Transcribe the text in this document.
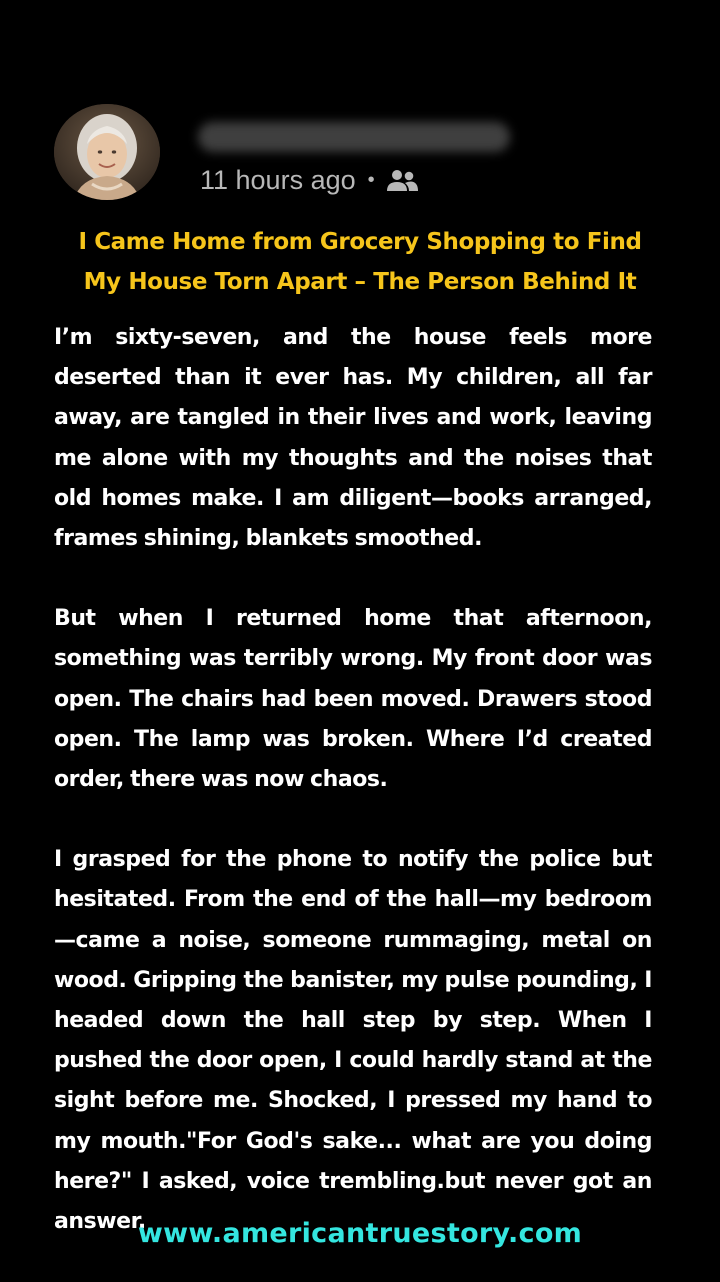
11 hours ago •
I Came Home from Grocery Shopping to Find
My House Torn Apart – The Person Behind It

I’m sixty-seven, and the house feels more deserted than it ever has. My children, all far away, are tangled in their lives and work, leaving me alone with my thoughts and the noises that old homes make. I am diligent—books arranged, frames shining, blankets smoothed.

But when I returned home that afternoon, something was terribly wrong. My front door was open. The chairs had been moved. Drawers stood open. The lamp was broken. Where I’d created order, there was now chaos.

I grasped for the phone to notify the police but hesitated. From the end of the hall—my bedroom—came a noise, someone rummaging, metal on wood. Gripping the banister, my pulse pounding, I headed down the hall step by step. When I pushed the door open, I could hardly stand at the sight before me. Shocked, I pressed my hand to my mouth."For God's sake... what are you doing here?" I asked, voice trembling.but never got an answer.

www.americantruestory.com
